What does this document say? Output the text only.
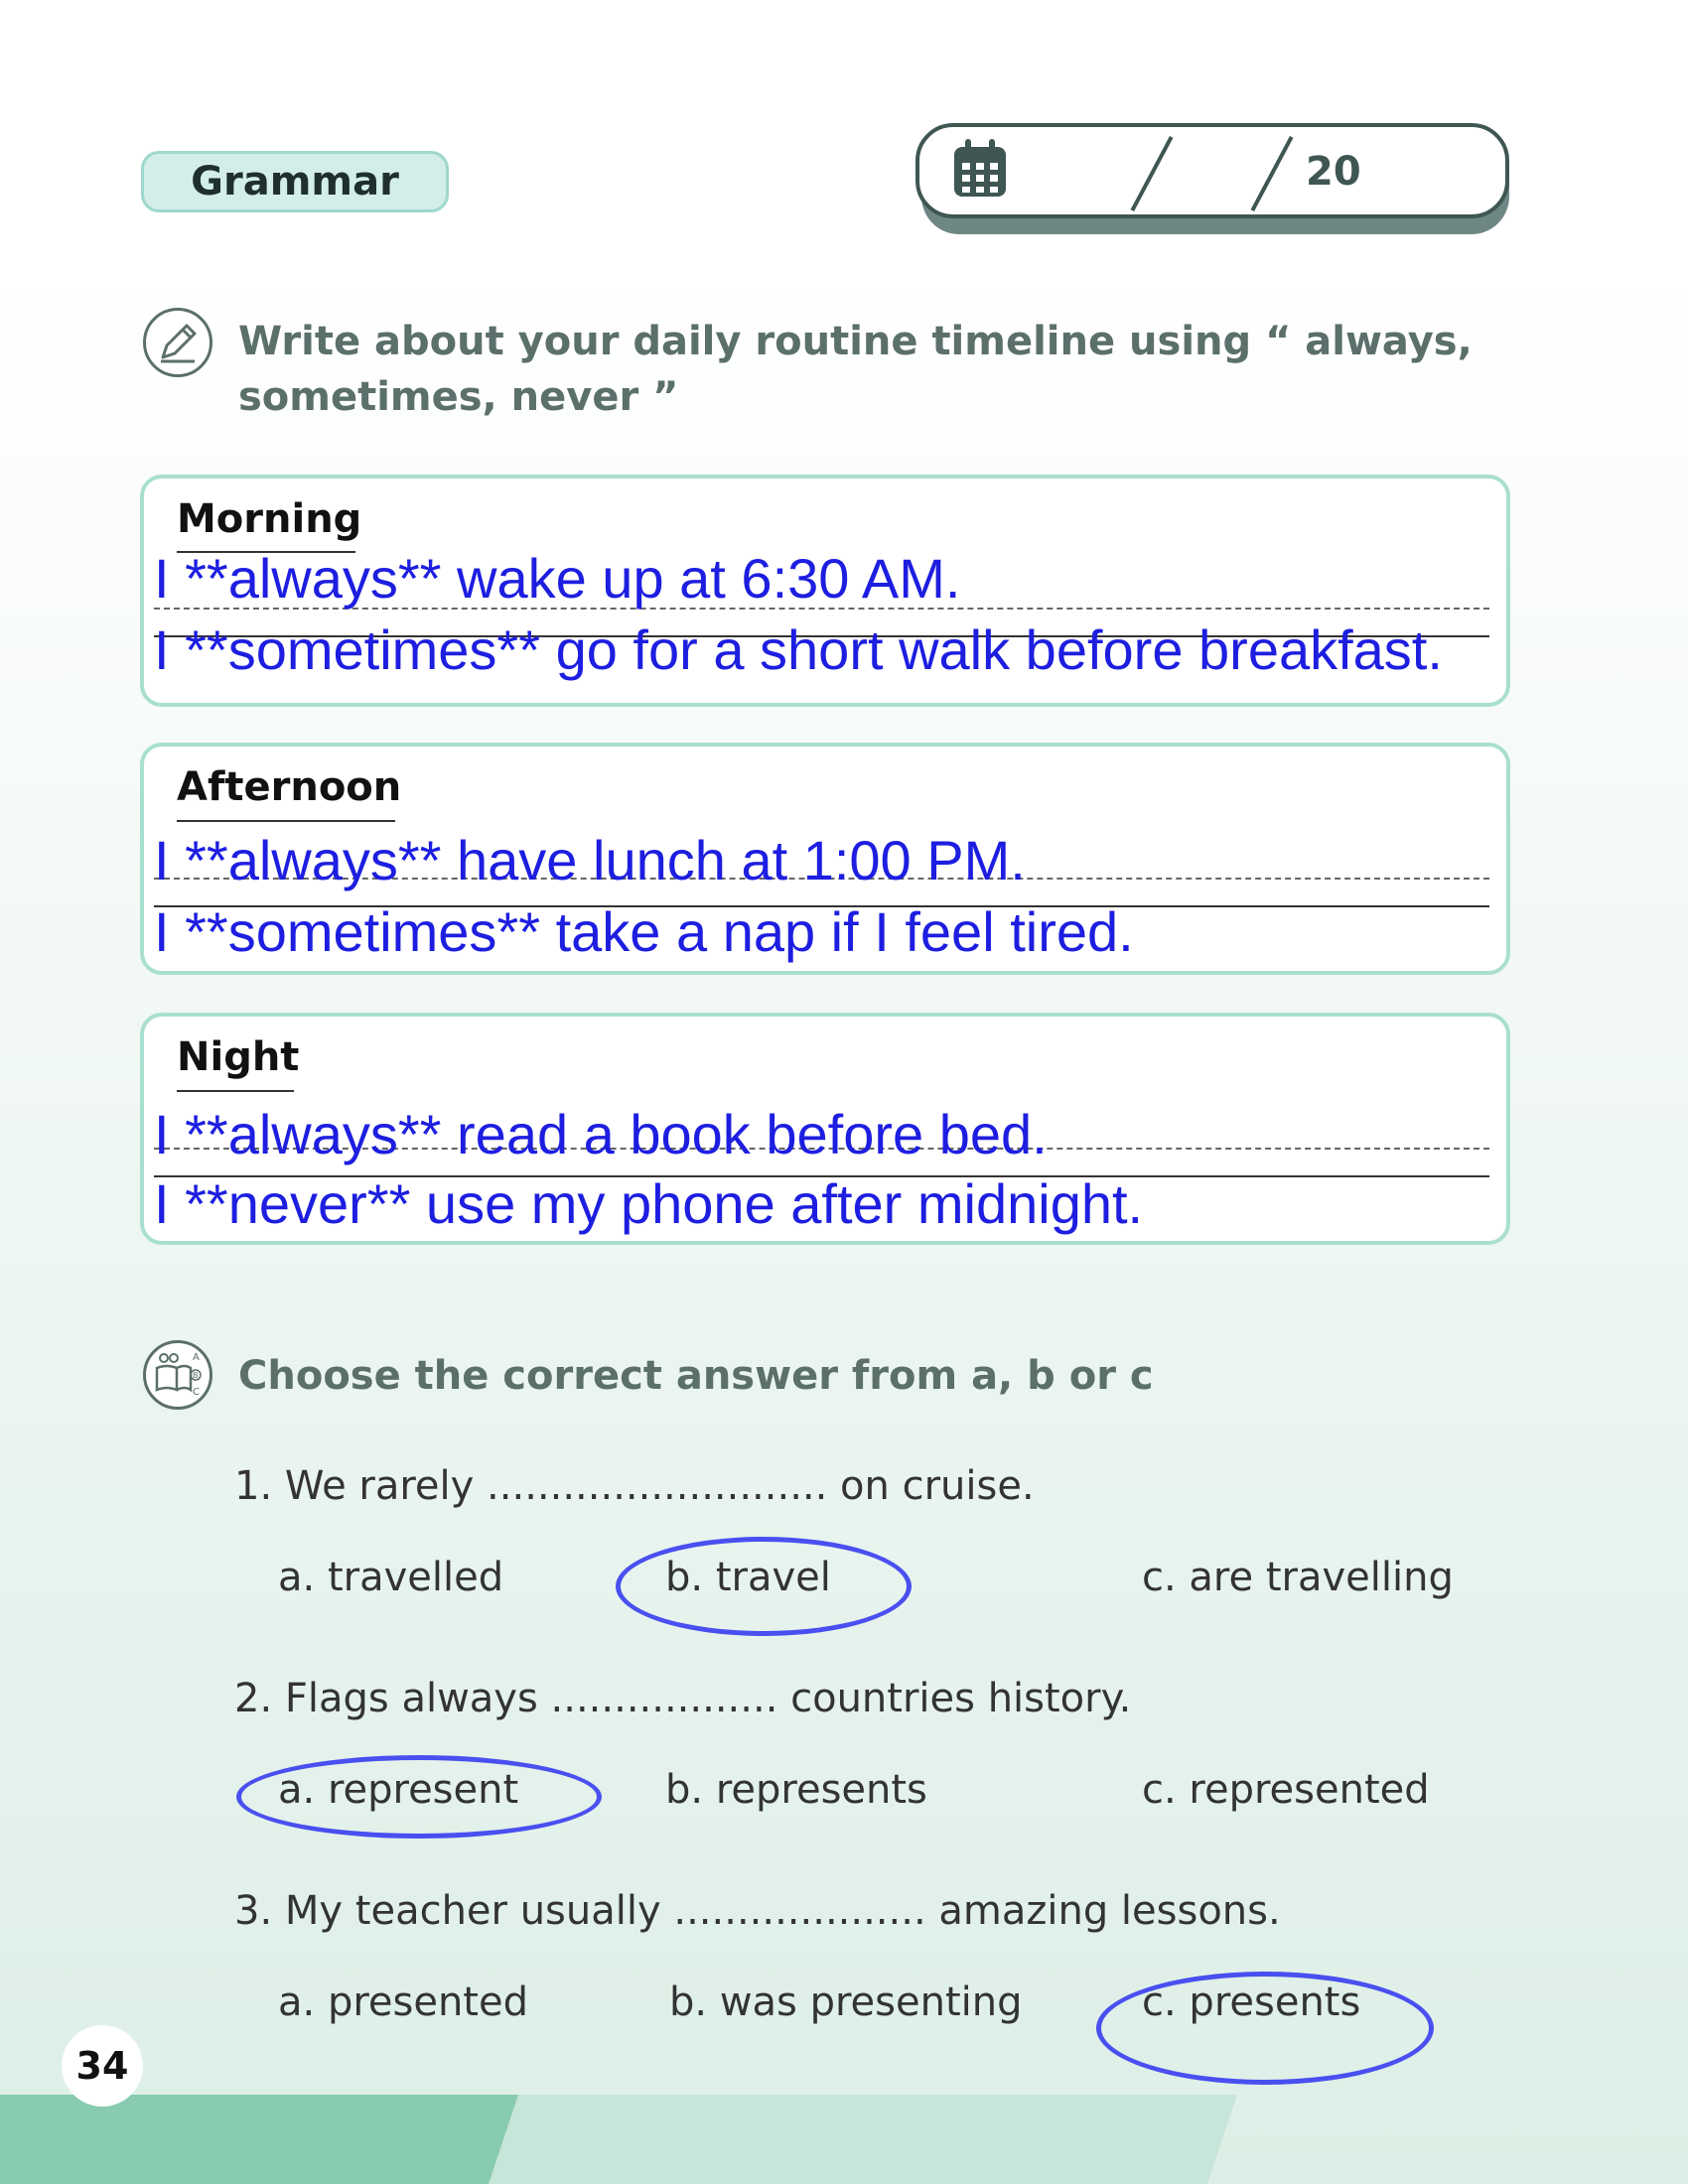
Grammar	20
Write about your daily routine timeline using “ always,
sometimes, never ”
Morning
I **always** wake up at 6:30 AM.
I **sometimes** go for a short walk before breakfast.
Afternoon
I **always** have lunch at 1:00 PM.
I **sometimes** take a nap if I feel tired.
Night
I **always** read a book before bed.
I **never** use my phone after midnight.
A
B
C Choose the correct answer from a, b or c
1. We rarely ........................... on cruise.
a. travelled	b. travel	c. are travelling
2. Flags always .................. countries history.
a. represent	b. represents	c. represented
3. My teacher usually .................... amazing lessons.
a. presented	b. was presenting	c. presents
34
